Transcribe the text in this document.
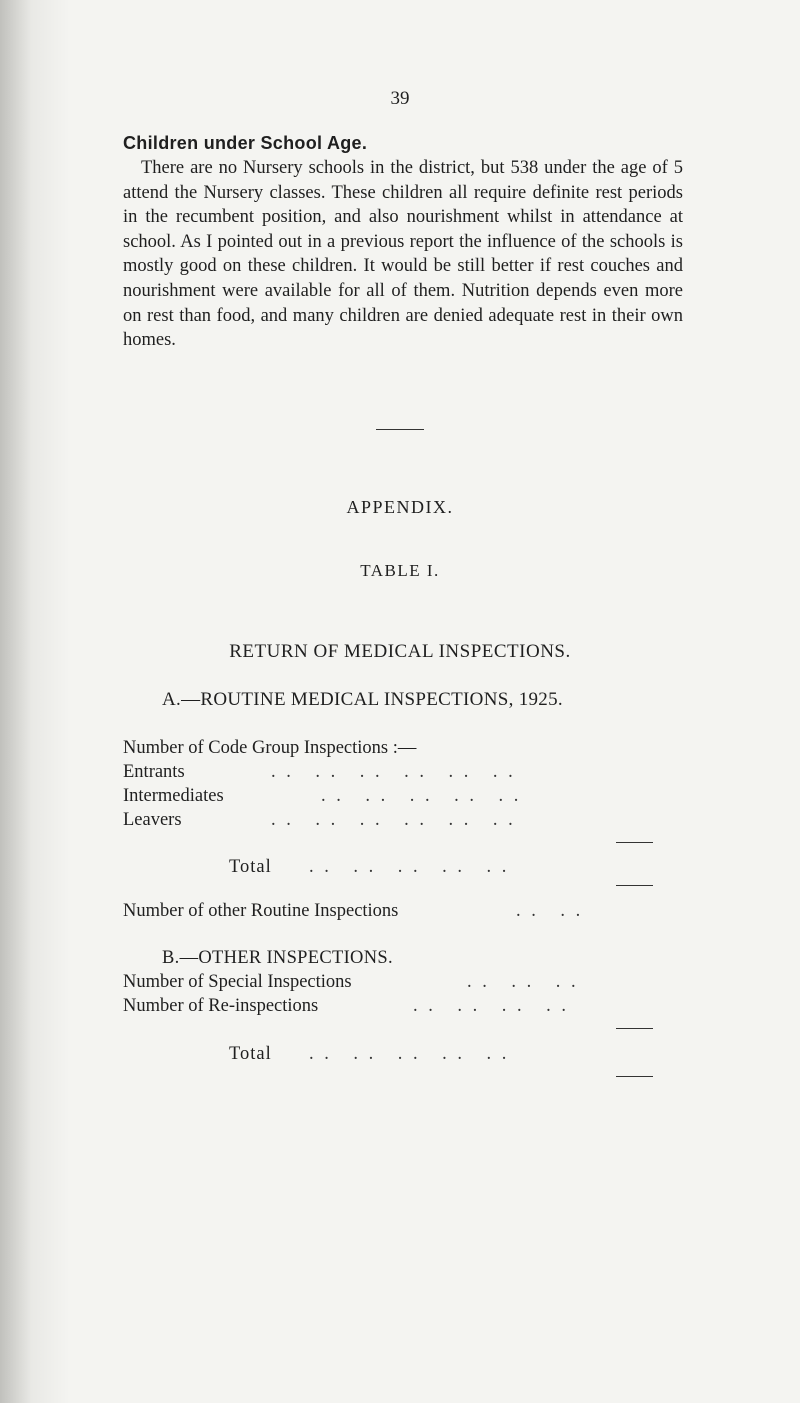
39
Children under School Age.

There are no Nursery schools in the district, but 538 under the age of 5 attend the Nursery classes. These children all require definite rest periods in the recumbent position, and also nourishment whilst in attendance at school. As I pointed out in a previous report the influence of the schools is mostly good on these children. It would be still better if rest couches and nourishment were available for all of them. Nutrition depends even more on rest than food, and many children are denied adequate rest in their own homes.

APPENDIX.
TABLE I.
RETURN OF MEDICAL INSPECTIONS.
A.—ROUTINE MEDICAL INSPECTIONS, 1925.
Number of Code Group Inspections :—
Entrants	. . . . . . . . . . . .
Intermediates	. . . . . . . . . .
Leavers	. . . . . . . . . . . .
Total . . . . . . . . . .
Number of other Routine Inspections	. . . .
B.—OTHER INSPECTIONS.
Number of Special Inspections	. . . . . .
Number of Re-inspections	. . . . . . . .
Total . . . . . . . . . .
